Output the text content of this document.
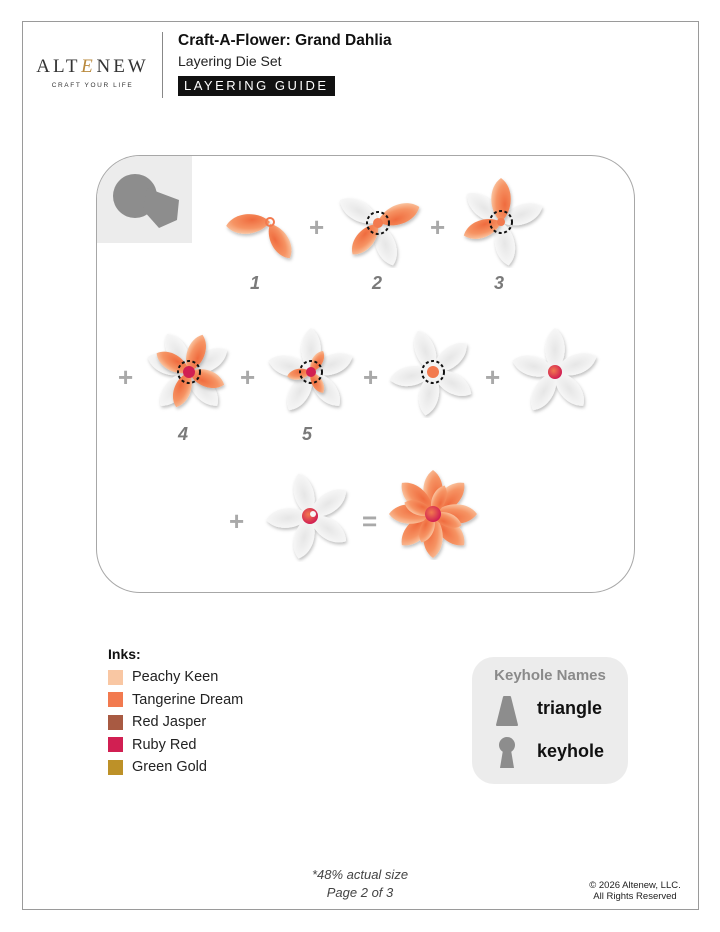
ALTENEW
CRAFT YOUR LIFE
Craft-A-Flower: Grand Dahlia
Layering Die Set
LAYERING GUIDE
+
1
+
2	3
+	+
4
+
5
+
+	=
Inks:
Peachy Keen
Tangerine Dream
Red Jasper
Ruby Red
Green Gold
Keyhole Names
triangle
keyhole
*48% actual size
Page 2 of 3	© 2026 Altenew, LLC.
All Rights Reserved
